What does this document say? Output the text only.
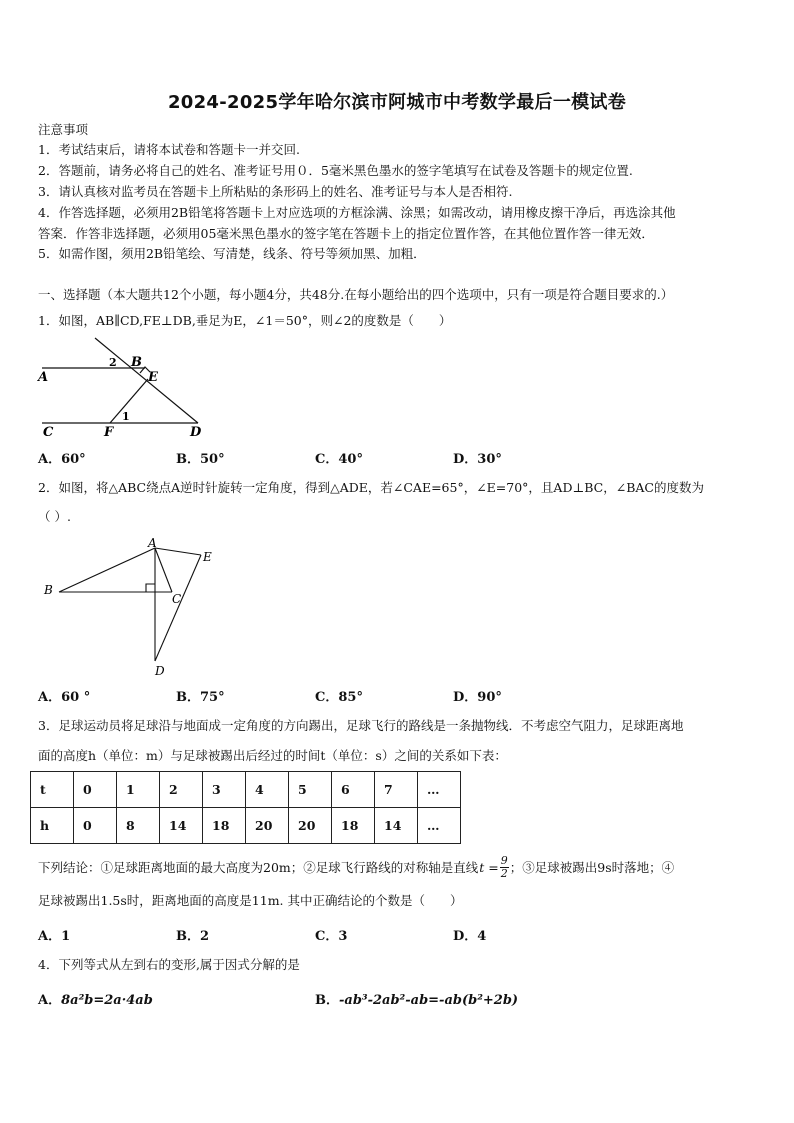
2024-2025学年哈尔滨市阿城市中考数学最后一模试卷
注意事项
1．考试结束后，请将本试卷和答题卡一并交回.
2．答题前，请务必将自己的姓名、准考证号用０．5毫米黑色墨水的签字笔填写在试卷及答题卡的规定位置.
3．请认真核对监考员在答题卡上所粘贴的条形码上的姓名、准考证号与本人是否相符.
4．作答选择题，必须用2B铅笔将答题卡上对应选项的方框涂满、涂黑；如需改动，请用橡皮擦干净后，再选涂其他
答案．作答非选择题，必须用05毫米黑色墨水的签字笔在答题卡上的指定位置作答，在其他位置作答一律无效．
5．如需作图，须用2B铅笔绘、写清楚，线条、符号等须加黑、加粗．
一、选择题（本大题共12个小题，每小题4分，共48分.在每小题给出的四个选项中，只有一项是符合题目要求的.）
1．如图，AB∥CD,FE⊥DB,垂足为E，∠1＝50°，则∠2的度数是（　　）
A
B
C	D
E
F
1
2
A．60°	B．50°	C．40°	D．30°
2．如图，将△ABC绕点A逆时针旋转一定角度，得到△ADE，若∠CAE=65°，∠E=70°，且AD⊥BC，∠BAC的度数为
（ ）.
A
B
C
D
E
A．60 °	B．75°	C．85°	D．90°
3．足球运动员将足球沿与地面成一定角度的方向踢出，足球飞行的路线是一条抛物线．不考虑空气阻力，足球距离地
面的高度h（单位：m）与足球被踢出后经过的时间t（单位：s）之间的关系如下表：
t	0	1	2	3	4	5	6	7	…
h	0	8	14	18	20	20	18	14	…
下列结论：①足球距离地面的最大高度为20m；②足球飞行路线的对称轴是直线 $t = \frac{9}{2}$ ；③足球被踢出9s时落地；④
足球被踢出1.5s时，距离地面的高度是11m. 其中正确结论的个数是（　　）
A．1	B．2	C．3	D．4
4．下列等式从左到右的变形,属于因式分解的是
A．8a²b=2a·4ab	B．-ab³-2ab²-ab=-ab(b²+2b)
